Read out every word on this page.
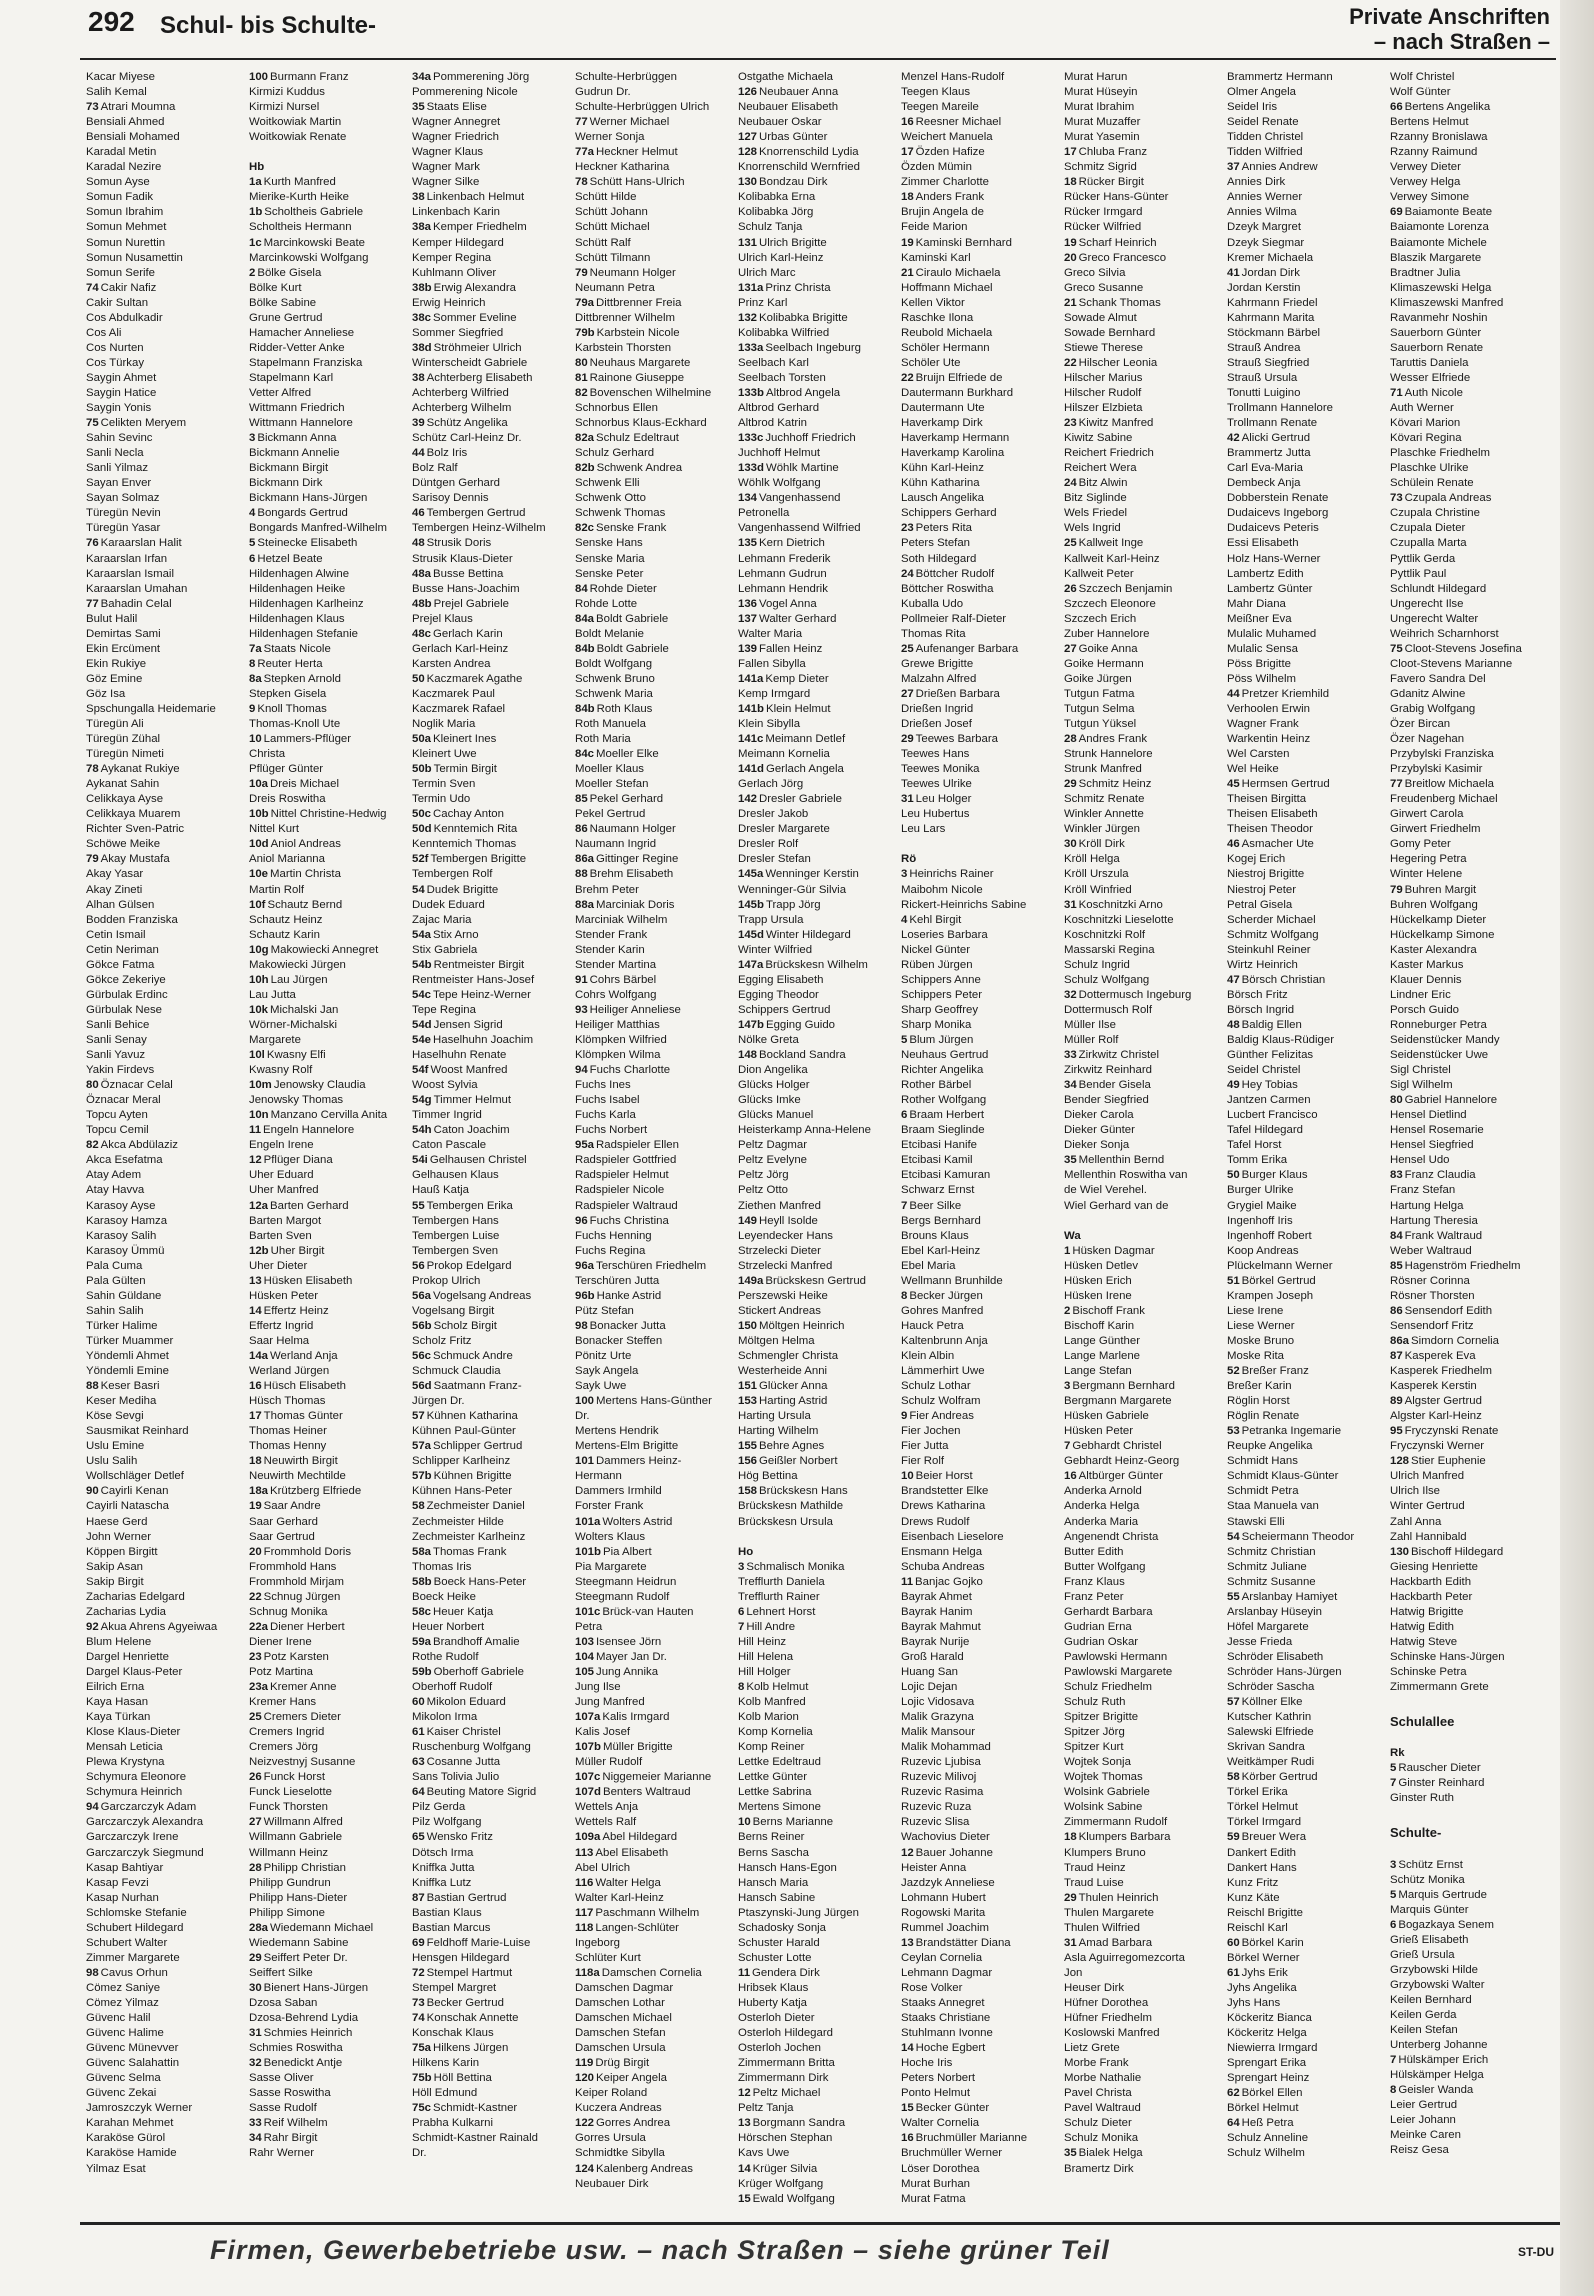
292 Schul- bis Schulte-	Private Anschriften
– nach Straßen –
Kacar Miyese
Salih Kemal
73 Atrari Moumna
Bensiali Ahmed
Bensiali Mohamed
Karadal Metin
Karadal Nezire
Somun Ayse
Somun Fadik
Somun Ibrahim
Somun Mehmet
Somun Nurettin
Somun Nusamettin
Somun Serife
74 Cakir Nafiz
Cakir Sultan
Cos Abdulkadir
Cos Ali
Cos Nurten
Cos Türkay
Saygin Ahmet
Saygin Hatice
Saygin Yonis
75 Celikten Meryem
Sahin Sevinc
Sanli Necla
Sanli Yilmaz
Sayan Enver
Sayan Solmaz
Türegün Nevin
Türegün Yasar
76 Karaarslan Halit
Karaarslan Irfan
Karaarslan Ismail
Karaarslan Umahan
77 Bahadin Celal
Bulut Halil
Demirtas Sami
Ekin Ercüment
Ekin Rukiye
Göz Emine
Göz Isa
Spschungalla Heidemarie
Türegün Ali
Türegün Zühal
Türegün Nimeti
78 Aykanat Rukiye
Aykanat Sahin
Celikkaya Ayse
Celikkaya Muarem
Richter Sven-Patric
Schöwe Meike
79 Akay Mustafa
Akay Yasar
Akay Zineti
Alhan Gülsen
Bodden Franziska
Cetin Ismail
Cetin Neriman
Gökce Fatma
Gökce Zekeriye
Gürbulak Erdinc
Gürbulak Nese
Sanli Behice
Sanli Senay
Sanli Yavuz
Yakin Firdevs
80 Öznacar Celal
Öznacar Meral
Topcu Ayten
Topcu Cemil
82 Akca Abdülaziz
Akca Esefatma
Atay Adem
Atay Havva
Karasoy Ayse
Karasoy Hamza
Karasoy Salih
Karasoy Ümmü
Pala Cuma
Pala Gülten
Sahin Güldane
Sahin Salih
Türker Halime
Türker Muammer
Yöndemli Ahmet
Yöndemli Emine
88 Keser Basri
Keser Mediha
Köse Sevgi
Sausmikat Reinhard
Uslu Emine
Uslu Salih
Wollschläger Detlef
90 Cayirli Kenan
Cayirli Natascha
Haese Gerd
John Werner
Köppen Birgitt
Sakip Asan
Sakip Birgit
Zacharias Edelgard
Zacharias Lydia
92 Akua Ahrens Agyeiwaa
Blum Helene
Dargel Henriette
Dargel Klaus-Peter
Eilrich Erna
Kaya Hasan
Kaya Türkan
Klose Klaus-Dieter
Mensah Leticia
Plewa Krystyna
Schymura Eleonore
Schymura Heinrich
94 Garczarczyk Adam
Garczarczyk Alexandra
Garczarczyk Irene
Garczarczyk Siegmund
Kasap Bahtiyar
Kasap Fevzi
Kasap Nurhan
Schlomske Stefanie
Schubert Hildegard
Schubert Walter
Zimmer Margarete
98 Cavus Orhun
Cömez Saniye
Cömez Yilmaz
Güvenc Halil
Güvenc Halime
Güvenc Münevver
Güvenc Salahattin
Güvenc Selma
Güvenc Zekai
Jamroszczyk Werner
Karahan Mehmet
Karaköse Gürol
Karaköse Hamide
Yilmaz Esat
100 Burmann Franz
Kirmizi Kuddus
Kirmizi Nursel
Woitkowiak Martin
Woitkowiak Renate
Hb
1a Kurth Manfred
Mierike-Kurth Heike
1b Scholtheis Gabriele
Scholtheis Hermann
1c Marcinkowski Beate
Marcinkowski Wolfgang
2 Bölke Gisela
Bölke Kurt
Bölke Sabine
Grune Gertrud
Hamacher Anneliese
Ridder-Vetter Anke
Stapelmann Franziska
Stapelmann Karl
Vetter Alfred
Wittmann Friedrich
Wittmann Hannelore
3 Bickmann Anna
Bickmann Annelie
Bickmann Birgit
Bickmann Dirk
Bickmann Hans-Jürgen
4 Bongards Gertrud
Bongards Manfred-Wilhelm
5 Steinecke Elisabeth
6 Hetzel Beate
Hildenhagen Alwine
Hildenhagen Heike
Hildenhagen Karlheinz
Hildenhagen Klaus
Hildenhagen Stefanie
7a Staats Nicole
8 Reuter Herta
8a Stepken Arnold
Stepken Gisela
9 Knoll Thomas
Thomas-Knoll Ute
10 Lammers-Pflüger
Christa
Pflüger Günter
10a Dreis Michael
Dreis Roswitha
10b Nittel Christine-Hedwig
Nittel Kurt
10d Aniol Andreas
Aniol Marianna
10e Martin Christa
Martin Rolf
10f Schautz Bernd
Schautz Heinz
Schautz Karin
10g Makowiecki Annegret
Makowiecki Jürgen
10h Lau Jürgen
Lau Jutta
10k Michalski Jan
Wörner-Michalski
Margarete
10l Kwasny Elfi
Kwasny Rolf
10m Jenowsky Claudia
Jenowsky Thomas
10n Manzano Cervilla Anita
11 Engeln Hannelore
Engeln Irene
12 Pflüger Diana
Uher Eduard
Uher Manfred
12a Barten Gerhard
Barten Margot
Barten Sven
12b Uher Birgit
Uher Dieter
13 Hüsken Elisabeth
Hüsken Peter
14 Effertz Heinz
Effertz Ingrid
Saar Helma
14a Werland Anja
Werland Jürgen
16 Hüsch Elisabeth
Hüsch Thomas
17 Thomas Günter
Thomas Heiner
Thomas Henny
18 Neuwirth Birgit
Neuwirth Mechtilde
18a Krützberg Elfriede
19 Saar Andre
Saar Gerhard
Saar Gertrud
20 Frommhold Doris
Frommhold Hans
Frommhold Mirjam
22 Schnug Jürgen
Schnug Monika
22a Diener Herbert
Diener Irene
23 Potz Karsten
Potz Martina
23a Kremer Anne
Kremer Hans
25 Cremers Dieter
Cremers Ingrid
Cremers Jörg
Neizvestnyj Susanne
26 Funck Horst
Funck Lieselotte
Funck Thorsten
27 Willmann Alfred
Willmann Gabriele
Willmann Heinz
28 Philipp Christian
Philipp Gundrun
Philipp Hans-Dieter
Philipp Simone
28a Wiedemann Michael
Wiedemann Sabine
29 Seiffert Peter Dr.
Seiffert Silke
30 Bienert Hans-Jürgen
Dzosa Saban
Dzosa-Behrend Lydia
31 Schmies Heinrich
Schmies Roswitha
32 Benedickt Antje
Sasse Oliver
Sasse Roswitha
Sasse Rudolf
33 Reif Wilhelm
34 Rahr Birgit
Rahr Werner
34a Pommerening Jörg
Pommerening Nicole
35 Staats Elise
Wagner Annegret
Wagner Friedrich
Wagner Klaus
Wagner Mark
Wagner Silke
38 Linkenbach Helmut
Linkenbach Karin
38a Kemper Friedhelm
Kemper Hildegard
Kemper Regina
Kuhlmann Oliver
38b Erwig Alexandra
Erwig Heinrich
38c Sommer Eveline
Sommer Siegfried
38d Ströhmeier Ulrich
Winterscheidt Gabriele
38 Achterberg Elisabeth
Achterberg Wilfried
Achterberg Wilhelm
39 Schütz Angelika
Schütz Carl-Heinz Dr.
44 Bolz Iris
Bolz Ralf
Düntgen Gerhard
Sarisoy Dennis
46 Tembergen Gertrud
Tembergen Heinz-Wilhelm
48 Strusik Doris
Strusik Klaus-Dieter
48a Busse Bettina
Busse Hans-Joachim
48b Prejel Gabriele
Prejel Klaus
48c Gerlach Karin
Gerlach Karl-Heinz
Karsten Andrea
50 Kaczmarek Agathe
Kaczmarek Paul
Kaczmarek Rafael
Noglik Maria
50a Kleinert Ines
Kleinert Uwe
50b Termin Birgit
Termin Sven
Termin Udo
50c Cachay Anton
50d Kenntemich Rita
Kenntemich Thomas
52f Tembergen Brigitte
Tembergen Rolf
54 Dudek Brigitte
Dudek Eduard
Zajac Maria
54a Stix Arno
Stix Gabriela
54b Rentmeister Birgit
Rentmeister Hans-Josef
54c Tepe Heinz-Werner
Tepe Regina
54d Jensen Sigrid
54e Haselhuhn Joachim
Haselhuhn Renate
54f Woost Manfred
Woost Sylvia
54g Timmer Helmut
Timmer Ingrid
54h Caton Joachim
Caton Pascale
54i Gelhausen Christel
Gelhausen Klaus
Hauß Katja
55 Tembergen Erika
Tembergen Hans
Tembergen Luise
Tembergen Sven
56 Prokop Edelgard
Prokop Ulrich
56a Vogelsang Andreas
Vogelsang Birgit
56b Scholz Birgit
Scholz Fritz
56c Schmuck Andre
Schmuck Claudia
56d Saatmann Franz-
Jürgen Dr.
57 Kühnen Katharina
Kühnen Paul-Günter
57a Schlipper Gertrud
Schlipper Karlheinz
57b Kühnen Brigitte
Kühnen Hans-Peter
58 Zechmeister Daniel
Zechmeister Hilde
Zechmeister Karlheinz
58a Thomas Frank
Thomas Iris
58b Boeck Hans-Peter
Boeck Heike
58c Heuer Katja
Heuer Norbert
59a Brandhoff Amalie
Rothe Rudolf
59b Oberhoff Gabriele
Oberhoff Rudolf
60 Mikolon Eduard
Mikolon Irma
61 Kaiser Christel
Ruschenburg Wolfgang
63 Cosanne Jutta
Sans Tolivia Julio
64 Beuting Matore Sigrid
Pilz Gerda
Pilz Wolfgang
65 Wensko Fritz
Dötsch Irma
Kniffka Jutta
Kniffka Lutz
87 Bastian Gertrud
Bastian Klaus
Bastian Marcus
69 Feldhoff Marie-Luise
Hensgen Hildegard
72 Stempel Hartmut
Stempel Margret
73 Becker Gertrud
74 Konschak Annette
Konschak Klaus
75a Hilkens Jürgen
Hilkens Karin
75b Höll Bettina
Höll Edmund
75c Schmidt-Kastner
Prabha Kulkarni
Schmidt-Kastner Rainald
Dr.
Schulte-Herbrüggen
Gudrun Dr.
Schulte-Herbrüggen Ulrich
77 Werner Michael
Werner Sonja
77a Heckner Helmut
Heckner Katharina
78 Schütt Hans-Ulrich
Schütt Hilde
Schütt Johann
Schütt Michael
Schütt Ralf
Schütt Tilmann
79 Neumann Holger
Neumann Petra
79a Dittbrenner Freia
Dittbrenner Wilhelm
79b Karbstein Nicole
Karbstein Thorsten
80 Neuhaus Margarete
81 Rainone Giuseppe
82 Bovenschen Wilhelmine
Schnorbus Ellen
Schnorbus Klaus-Eckhard
82a Schulz Edeltraut
Schulz Gerhard
82b Schwenk Andrea
Schwenk Elli
Schwenk Otto
Schwenk Thomas
82c Senske Frank
Senske Hans
Senske Maria
Senske Peter
84 Rohde Dieter
Rohde Lotte
84a Boldt Gabriele
Boldt Melanie
84b Boldt Gabriele
Boldt Wolfgang
Schwenk Bruno
Schwenk Maria
84b Roth Klaus
Roth Manuela
Roth Maria
84c Moeller Elke
Moeller Klaus
Moeller Stefan
85 Pekel Gerhard
Pekel Gertrud
86 Naumann Holger
Naumann Ingrid
86a Gittinger Regine
88 Brehm Elisabeth
Brehm Peter
88a Marciniak Doris
Marciniak Wilhelm
Stender Frank
Stender Karin
Stender Martina
91 Cohrs Bärbel
Cohrs Wolfgang
93 Heiliger Anneliese
Heiliger Matthias
Klömpken Wilfried
Klömpken Wilma
94 Fuchs Charlotte
Fuchs Ines
Fuchs Isabel
Fuchs Karla
Fuchs Norbert
95a Radspieler Ellen
Radspieler Gottfried
Radspieler Helmut
Radspieler Nicole
Radspieler Waltraud
96 Fuchs Christina
Fuchs Henning
Fuchs Regina
96a Terschüren Friedhelm
Terschüren Jutta
96b Hanke Astrid
Pütz Stefan
98 Bonacker Jutta
Bonacker Steffen
Pönitz Urte
Sayk Angela
Sayk Uwe
100 Mertens Hans-Günther
Dr.
Mertens Hendrik
Mertens-Elm Brigitte
101 Dammers Heinz-
Hermann
Dammers Irmhild
Forster Frank
101a Wolters Astrid
Wolters Klaus
101b Pia Albert
Pia Margarete
Steegmann Heidrun
Steegmann Rudolf
101c Brück-van Hauten
Petra
103 Isensee Jörn
104 Mayer Jan Dr.
105 Jung Annika
Jung Ilse
Jung Manfred
107a Kalis Irmgard
Kalis Josef
107b Müller Brigitte
Müller Rudolf
107c Niggemeier Marianne
107d Benters Waltraud
Wettels Anja
Wettels Ralf
109a Abel Hildegard
113 Abel Elisabeth
Abel Ulrich
116 Walter Helga
Walter Karl-Heinz
117 Paschmann Wilhelm
118 Langen-Schlüter
Ingeborg
Schlüter Kurt
118a Damschen Cornelia
Damschen Dagmar
Damschen Lothar
Damschen Michael
Damschen Stefan
Damschen Ursula
119 Drüg Birgit
120 Keiper Angela
Keiper Roland
Kuczera Andreas
122 Gorres Andrea
Gorres Ursula
Schmidtke Sibylla
124 Kalenberg Andreas
Neubauer Dirk
Ostgathe Michaela
126 Neubauer Anna
Neubauer Elisabeth
Neubauer Oskar
127 Urbas Günter
128 Knorrenschild Lydia
Knorrenschild Wernfried
130 Bondzau Dirk
Kolibabka Erna
Kolibabka Jörg
Schulz Tanja
131 Ulrich Brigitte
Ulrich Karl-Heinz
Ulrich Marc
131a Prinz Christa
Prinz Karl
132 Kolibabka Brigitte
Kolibabka Wilfried
133a Seelbach Ingeburg
Seelbach Karl
Seelbach Torsten
133b Altbrod Angela
Altbrod Gerhard
Altbrod Katrin
133c Juchhoff Friedrich
Juchhoff Helmut
133d Wöhlk Martine
Wöhlk Wolfgang
134 Vangenhassend
Petronella
Vangenhassend Wilfried
135 Kern Dietrich
Lehmann Frederik
Lehmann Gudrun
Lehmann Hendrik
136 Vogel Anna
137 Walter Gerhard
Walter Maria
139 Fallen Heinz
Fallen Sibylla
141a Kemp Dieter
Kemp Irmgard
141b Klein Helmut
Klein Sibylla
141c Meimann Detlef
Meimann Kornelia
141d Gerlach Angela
Gerlach Jörg
142 Dresler Gabriele
Dresler Jakob
Dresler Margarete
Dresler Rolf
Dresler Stefan
145a Wenninger Kerstin
Wenninger-Gür Silvia
145b Trapp Jörg
Trapp Ursula
145d Winter Hildegard
Winter Wilfried
147a Brückskesn Wilhelm
Egging Elisabeth
Egging Theodor
Schippers Gertrud
147b Egging Guido
Nölke Greta
148 Bockland Sandra
Dion Angelika
Glücks Holger
Glücks Imke
Glücks Manuel
Heisterkamp Anna-Helene
Peltz Dagmar
Peltz Evelyne
Peltz Jörg
Peltz Otto
Ziethen Manfred
149 Heyll Isolde
Leyendecker Hans
Strzelecki Dieter
Strzelecki Manfred
149a Brückskesn Gertrud
Perszewski Heike
Stickert Andreas
150 Möltgen Heinrich
Möltgen Helma
Schmengler Christa
Westerheide Anni
151 Glücker Anna
153 Harting Astrid
Harting Ursula
Harting Wilhelm
155 Behre Agnes
156 Geißler Norbert
Hög Bettina
158 Brückskesn Hans
Brückskesn Mathilde
Brückskesn Ursula
Ho
3 Schmalisch Monika
Trefflurth Daniela
Trefflurth Rainer
6 Lehnert Horst
7 Hill Andre
Hill Heinz
Hill Helena
Hill Holger
8 Kolb Helmut
Kolb Manfred
Kolb Marion
Komp Kornelia
Komp Reiner
Lettke Edeltraud
Lettke Günter
Lettke Sabrina
Mertens Simone
10 Berns Marianne
Berns Reiner
Berns Sascha
Hansch Hans-Egon
Hansch Maria
Hansch Sabine
Ptaszynski-Jung Jürgen
Schadosky Sonja
Schuster Harald
Schuster Lotte
11 Gendera Dirk
Hribsek Klaus
Huberty Katja
Osterloh Dieter
Osterloh Hildegard
Osterloh Jochen
Zimmermann Britta
Zimmermann Dirk
12 Peltz Michael
Peltz Tanja
13 Borgmann Sandra
Hörschen Stephan
Kavs Uwe
14 Krüger Silvia
Krüger Wolfgang
15 Ewald Wolfgang
Menzel Hans-Rudolf
Teegen Klaus
Teegen Mareile
16 Reesner Michael
Weichert Manuela
17 Özden Hafize
Özden Mümin
Zimmer Charlotte
18 Anders Frank
Brujin Angela de
Feide Marion
19 Kaminski Bernhard
Kaminski Karl
21 Ciraulo Michaela
Hoffmann Michael
Kellen Viktor
Raschke Ilona
Reubold Michaela
Schöler Hermann
Schöler Ute
22 Bruijn Elfriede de
Dautermann Burkhard
Dautermann Ute
Haverkamp Dirk
Haverkamp Hermann
Haverkamp Karolina
Kühn Karl-Heinz
Kühn Katharina
Lausch Angelika
Schippers Gerhard
23 Peters Rita
Peters Stefan
Soth Hildegard
24 Böttcher Rudolf
Böttcher Roswitha
Kuballa Udo
Pollmeier Ralf-Dieter
Thomas Rita
25 Aufenanger Barbara
Grewe Brigitte
Malzahn Alfred
27 Drießen Barbara
Drießen Ingrid
Drießen Josef
29 Teewes Barbara
Teewes Hans
Teewes Monika
Teewes Ulrike
31 Leu Holger
Leu Hubertus
Leu Lars
Rö
3 Heinrichs Rainer
Maibohm Nicole
Rickert-Heinrichs Sabine
4 Kehl Birgit
Loseries Barbara
Nickel Günter
Rüben Jürgen
Schippers Anne
Schippers Peter
Sharp Geoffrey
Sharp Monika
5 Blum Jürgen
Neuhaus Gertrud
Richter Angelika
Rother Bärbel
Rother Wolfgang
6 Braam Herbert
Braam Sieglinde
Etcibasi Hanife
Etcibasi Kamil
Etcibasi Kamuran
Schwarz Ernst
7 Beer Silke
Bergs Bernhard
Brouns Klaus
Ebel Karl-Heinz
Ebel Maria
Wellmann Brunhilde
8 Becker Jürgen
Gohres Manfred
Hauck Petra
Kaltenbrunn Anja
Klein Albin
Lämmerhirt Uwe
Schulz Lothar
Schulz Wolfram
9 Fier Andreas
Fier Jochen
Fier Jutta
Fier Rolf
10 Beier Horst
Brandstetter Elke
Drews Katharina
Drews Rudolf
Eisenbach Lieselore
Ensmann Helga
Schuba Andreas
11 Banjac Gojko
Bayrak Ahmet
Bayrak Hanim
Bayrak Mahmut
Bayrak Nurije
Groß Harald
Huang San
Lojic Dejan
Lojic Vidosava
Malik Grazyna
Malik Mansour
Malik Mohammad
Ruzevic Ljubisa
Ruzevic Milivoj
Ruzevic Rasima
Ruzevic Ruza
Ruzevic Slisa
Wachovius Dieter
12 Bauer Johanne
Heister Anna
Jazdzyk Anneliese
Lohmann Hubert
Rogowski Marita
Rummel Joachim
13 Brandstätter Diana
Ceylan Cornelia
Lehmann Dagmar
Rose Volker
Staaks Annegret
Staaks Christiane
Stuhlmann Ivonne
14 Hoche Egbert
Hoche Iris
Peters Norbert
Ponto Helmut
15 Becker Günter
Walter Cornelia
16 Bruchmüller Marianne
Bruchmüller Werner
Löser Dorothea
Murat Burhan
Murat Fatma
Murat Harun
Murat Hüseyin
Murat Ibrahim
Murat Muzaffer
Murat Yasemin
17 Chluba Franz
Schmitz Sigrid
18 Rücker Birgit
Rücker Hans-Günter
Rücker Irmgard
Rücker Wilfried
19 Scharf Heinrich
20 Greco Francesco
Greco Silvia
Greco Susanne
21 Schank Thomas
Sowade Almut
Sowade Bernhard
Stiewe Therese
22 Hilscher Leonia
Hilscher Marius
Hilscher Rudolf
Hilszer Elzbieta
23 Kiwitz Manfred
Kiwitz Sabine
Reichert Friedrich
Reichert Wera
24 Bitz Alwin
Bitz Siglinde
Wels Friedel
Wels Ingrid
25 Kallweit Inge
Kallweit Karl-Heinz
Kallweit Peter
26 Szczech Benjamin
Szczech Eleonore
Szczech Erich
Zuber Hannelore
27 Goike Anna
Goike Hermann
Goike Jürgen
Tutgun Fatma
Tutgun Selma
Tutgun Yüksel
28 Andres Frank
Strunk Hannelore
Strunk Manfred
29 Schmitz Heinz
Schmitz Renate
Winkler Annette
Winkler Jürgen
30 Kröll Dirk
Kröll Helga
Kröll Urszula
Kröll Winfried
31 Koschnitzki Arno
Koschnitzki Lieselotte
Koschnitzki Rolf
Massarski Regina
Schulz Ingrid
Schulz Wolfgang
32 Dottermusch Ingeburg
Dottermusch Rolf
Müller Ilse
Müller Rolf
33 Zirkwitz Christel
Zirkwitz Reinhard
34 Bender Gisela
Bender Siegfried
Dieker Carola
Dieker Günter
Dieker Sonja
35 Mellenthin Bernd
Mellenthin Roswitha van
de Wiel Verehel.
Wiel Gerhard van de
Wa
1 Hüsken Dagmar
Hüsken Detlev
Hüsken Erich
Hüsken Irene
2 Bischoff Frank
Bischoff Karin
Lange Günther
Lange Marlene
Lange Stefan
3 Bergmann Bernhard
Bergmann Margarete
Hüsken Gabriele
Hüsken Peter
7 Gebhardt Christel
Gebhardt Heinz-Georg
16 Altbürger Günter
Anderka Arnold
Anderka Helga
Anderka Maria
Angenendt Christa
Butter Edith
Butter Wolfgang
Franz Klaus
Franz Peter
Gerhardt Barbara
Gudrian Erna
Gudrian Oskar
Pawlowski Hermann
Pawlowski Margarete
Schulz Friedhelm
Schulz Ruth
Spitzer Brigitte
Spitzer Jörg
Spitzer Kurt
Wojtek Sonja
Wojtek Thomas
Wolsink Gabriele
Wolsink Sabine
Zimmermann Rudolf
18 Klumpers Barbara
Klumpers Bruno
Traud Heinz
Traud Luise
29 Thulen Heinrich
Thulen Margarete
Thulen Wilfried
31 Amad Barbara
Asla Aguirregomezcorta
Jon
Heuser Dirk
Hüfner Dorothea
Hüfner Friedhelm
Koslowski Manfred
Lietz Grete
Morbe Frank
Morbe Nathalie
Pavel Christa
Pavel Waltraud
Schulz Dieter
Schulz Monika
35 Bialek Helga
Bramertz Dirk
Brammertz Hermann
Olmer Angela
Seidel Iris
Seidel Renate
Tidden Christel
Tidden Wilfried
37 Annies Andrew
Annies Dirk
Annies Werner
Annies Wilma
Dzeyk Margret
Dzeyk Siegmar
Kremer Michaela
41 Jordan Dirk
Jordan Kerstin
Kahrmann Friedel
Kahrmann Marita
Stöckmann Bärbel
Strauß Andrea
Strauß Siegfried
Strauß Ursula
Tonutti Luigino
Trollmann Hannelore
Trollmann Renate
42 Alicki Gertrud
Brammertz Jutta
Carl Eva-Maria
Dembeck Anja
Dobberstein Renate
Dudaicevs Ingeborg
Dudaicevs Peteris
Essi Elisabeth
Holz Hans-Werner
Lambertz Edith
Lambertz Günter
Mahr Diana
Meißner Eva
Mulalic Muhamed
Mulalic Sensa
Pöss Brigitte
Pöss Wilhelm
44 Pretzer Kriemhild
Verhoolen Erwin
Wagner Frank
Warkentin Heinz
Wel Carsten
Wel Heike
45 Hermsen Gertrud
Theisen Birgitta
Theisen Elisabeth
Theisen Theodor
46 Asmacher Ute
Kogej Erich
Niestroj Brigitte
Niestroj Peter
Petral Gisela
Scherder Michael
Schmitz Wolfgang
Steinkuhl Reiner
Wirtz Heinrich
47 Börsch Christian
Börsch Fritz
Börsch Ingrid
48 Baldig Ellen
Baldig Klaus-Rüdiger
Günther Felizitas
Seidel Christel
49 Hey Tobias
Jantzen Carmen
Lucbert Francisco
Tafel Hildegard
Tafel Horst
Tomm Erika
50 Burger Klaus
Burger Ulrike
Grygiel Maike
Ingenhoff Iris
Ingenhoff Robert
Koop Andreas
Plückelmann Werner
51 Börkel Gertrud
Krampen Joseph
Liese Irene
Liese Werner
Moske Bruno
Moske Rita
52 Breßer Franz
Breßer Karin
Röglin Horst
Röglin Renate
53 Petranka Ingemarie
Reupke Angelika
Schmidt Hans
Schmidt Klaus-Günter
Schmidt Petra
Staa Manuela van
Stawski Elli
54 Scheiermann Theodor
Schmitz Christian
Schmitz Juliane
Schmitz Susanne
55 Arslanbay Hamiyet
Arslanbay Hüseyin
Höfel Margarete
Jesse Frieda
Schröder Elisabeth
Schröder Hans-Jürgen
Schröder Sascha
57 Köllner Elke
Kutscher Kathrin
Salewski Elfriede
Skrivan Sandra
Weitkämper Rudi
58 Körber Gertrud
Törkel Erika
Törkel Helmut
Törkel Irmgard
59 Breuer Wera
Dankert Edith
Dankert Hans
Kunz Fritz
Kunz Käte
Reischl Brigitte
Reischl Karl
60 Börkel Karin
Börkel Werner
61 Jyhs Erik
Jyhs Angelika
Jyhs Hans
Köckeritz Bianca
Köckeritz Helga
Niewierra Irmgard
Sprengart Erika
Sprengart Heinz
62 Börkel Ellen
Börkel Helmut
64 Heß Petra
Schulz Anneline
Schulz Wilhelm
Wolf Christel
Wolf Günter
66 Bertens Angelika
Bertens Helmut
Rzanny Bronislawa
Rzanny Raimund
Verwey Dieter
Verwey Helga
Verwey Simone
69 Baiamonte Beate
Baiamonte Lorenza
Baiamonte Michele
Blaszik Margarete
Bradtner Julia
Klimaszewski Helga
Klimaszewski Manfred
Ravanmehr Noshin
Sauerborn Günter
Sauerborn Renate
Taruttis Daniela
Wesser Elfriede
71 Auth Nicole
Auth Werner
Kövari Marion
Kövari Regina
Plaschke Friedhelm
Plaschke Ulrike
Schülein Renate
73 Czupala Andreas
Czupala Christine
Czupala Dieter
Czupalla Marta
Pyttlik Gerda
Pyttlik Paul
Schlundt Hildegard
Ungerecht Ilse
Ungerecht Walter
Weihrich Scharnhorst
75 Cloot-Stevens Josefina
Cloot-Stevens Marianne
Favero Sandra Del
Gdanitz Alwine
Grabig Wolfgang
Özer Bircan
Özer Nagehan
Przybylski Franziska
Przybylski Kasimir
77 Breitlow Michaela
Freudenberg Michael
Girwert Carola
Girwert Friedhelm
Gomy Peter
Hegering Petra
Winter Helene
79 Buhren Margit
Buhren Wolfgang
Hückelkamp Dieter
Hückelkamp Simone
Kaster Alexandra
Kaster Markus
Klauer Dennis
Lindner Eric
Porsch Guido
Ronneburger Petra
Seidenstücker Mandy
Seidenstücker Uwe
Sigl Christel
Sigl Wilhelm
80 Gabriel Hannelore
Hensel Dietlind
Hensel Rosemarie
Hensel Siegfried
Hensel Udo
83 Franz Claudia
Franz Stefan
Hartung Helga
Hartung Theresia
84 Frank Waltraud
Weber Waltraud
85 Hagenström Friedhelm
Rösner Corinna
Rösner Thorsten
86 Sensendorf Edith
Sensendorf Fritz
86a Simdorn Cornelia
87 Kasperek Eva
Kasperek Friedhelm
Kasperek Kerstin
89 Algster Gertrud
Algster Karl-Heinz
95 Fryczynski Renate
Fryczynski Werner
128 Stier Euphenie
Ulrich Manfred
Ulrich Ilse
Winter Gertrud
Zahl Anna
Zahl Hannibald
130 Bischoff Hildegard
Giesing Henriette
Hackbarth Edith
Hackbarth Peter
Hatwig Brigitte
Hatwig Edith
Hatwig Steve
Schinske Hans-Jürgen
Schinske Petra
Zimmermann Grete
Schulallee
Rk
5 Rauscher Dieter
7 Ginster Reinhard
Ginster Ruth
Schulte-
3 Schütz Ernst
Schütz Monika
5 Marquis Gertrude
Marquis Günter
6 Bogazkaya Senem
Grieß Elisabeth
Grieß Ursula
Grzybowski Hilde
Grzybowski Walter
Keilen Bernhard
Keilen Gerda
Keilen Stefan
Unterberg Johanne
7 Hülskämper Erich
Hülskämper Helga
8 Geisler Wanda
Leier Gertrud
Leier Johann
Meinke Caren
Reisz Gesa
Firmen, Gewerbebetriebe usw. – nach Straßen – siehe grüner Teil	ST-DU
